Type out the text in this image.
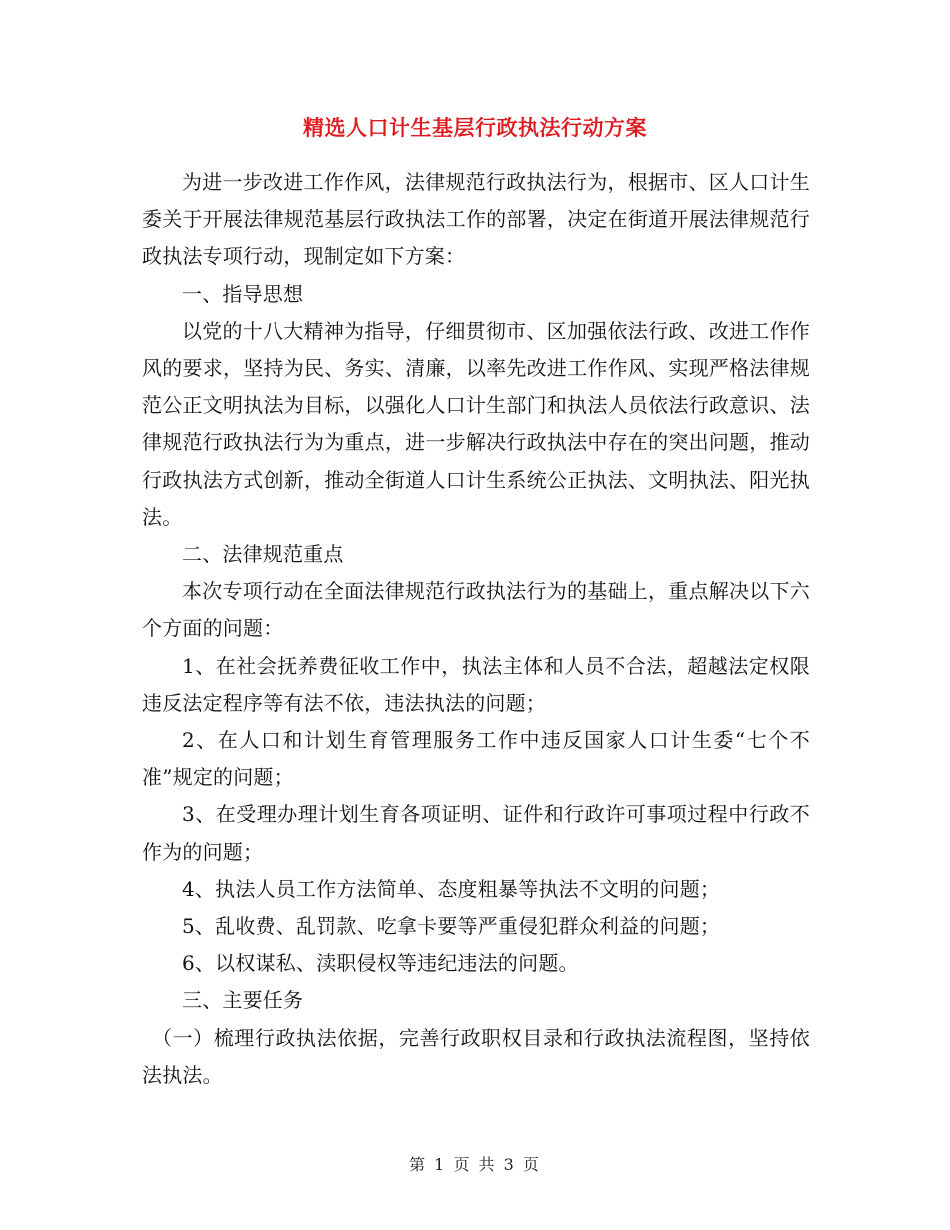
精选人口计生基层行政执法行动方案

为进一步改进工作作风，法律规范行政执法行为，根据市、区人口计生委关于开展法律规范基层行政执法工作的部署，决定在街道开展法律规范行政执法专项行动，现制定如下方案：

一、指导思想

以党的十八大精神为指导，仔细贯彻市、区加强依法行政、改进工作作风的要求，坚持为民、务实、清廉，以率先改进工作作风、实现严格法律规范公正文明执法为目标，以强化人口计生部门和执法人员依法行政意识、法律规范行政执法行为为重点，进一步解决行政执法中存在的突出问题，推动行政执法方式创新，推动全街道人口计生系统公正执法、文明执法、阳光执法。

二、法律规范重点

本次专项行动在全面法律规范行政执法行为的基础上，重点解决以下六个方面的问题：

1、在社会抚养费征收工作中，执法主体和人员不合法，超越法定权限违反法定程序等有法不依，违法执法的问题；

2、在人口和计划生育管理服务工作中违反国家人口计生委“七个不准”规定的问题；

3、在受理办理计划生育各项证明、证件和行政许可事项过程中行政不作为的问题；

4、执法人员工作方法简单、态度粗暴等执法不文明的问题；

5、乱收费、乱罚款、吃拿卡要等严重侵犯群众利益的问题；

6、以权谋私、渎职侵权等违纪违法的问题。

三、主要任务

（一）梳理行政执法依据，完善行政职权目录和行政执法流程图，坚持依法执法。

第 1 页 共 3 页
